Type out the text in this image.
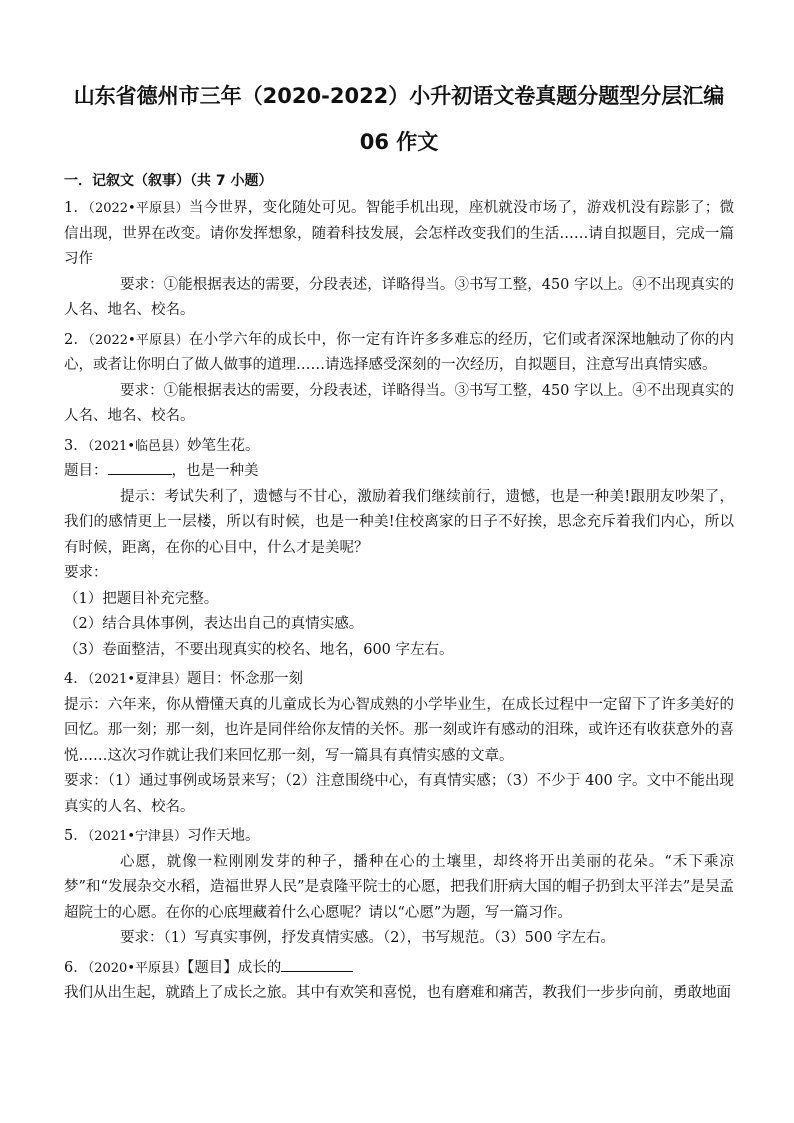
山东省德州市三年（2020-2022）小升初语文卷真题分题型分层汇编
06 作文
一．记叙文（叙事）（共 7 小题）

1．（2022•平原县）当今世界，变化随处可见。智能手机出现，座机就没市场了，游戏机没有踪影了；微信出现，世界在改变。请你发挥想象，随着科技发展，会怎样改变我们的生活……请自拟题目，完成一篇习作

要求：①能根据表达的需要，分段表述，详略得当。③书写工整，450 字以上。④不出现真实的人名、地名、校名。

2．（2022•平原县）在小学六年的成长中，你一定有许许多多难忘的经历，它们或者深深地触动了你的内心，或者让你明白了做人做事的道理……请选择感受深刻的一次经历，自拟题目，注意写出真情实感。

要求：①能根据表达的需要，分段表述，详略得当。③书写工整，450 字以上。④不出现真实的人名、地名、校名。

3．（2021•临邑县）妙笔生花。

题目：	，也是一种美

提示：考试失利了，遗憾与不甘心，激励着我们继续前行，遗憾，也是一种美!跟朋友吵架了，我们的感情更上一层楼，所以有时候，也是一种美!住校离家的日子不好挨，思念充斥着我们内心，所以有时候，距离，在你的心目中，什么才是美呢？

要求：

（1）把题目补充完整。

（2）结合具体事例，表达出自己的真情实感。

（3）卷面整洁，不要出现真实的校名、地名，600 字左右。

4．（2021•夏津县）题目：怀念那一刻

提示：六年来，你从懵懂天真的儿童成长为心智成熟的小学毕业生，在成长过程中一定留下了许多美好的回忆。那一刻；那一刻，也许是同伴给你友情的关怀。那一刻或许有感动的泪珠，或许还有收获意外的喜悦……这次习作就让我们来回忆那一刻，写一篇具有真情实感的文章。

要求：（1）通过事例或场景来写；（2）注意围绕中心，有真情实感；（3）不少于 400 字。文中不能出现真实的人名、校名。

5．（2021•宁津县）习作天地。

心愿，就像一粒刚刚发芽的种子，播种在心的土壤里，却终将开出美丽的花朵。“禾下乘凉梦”和“发展杂交水稻，造福世界人民”是袁隆平院士的心愿，把我们肝病大国的帽子扔到太平洋去”是吴孟超院士的心愿。在你的心底埋藏着什么心愿呢？请以“心愿”为题，写一篇习作。

要求：（1）写真实事例，抒发真情实感。（2），书写规范。（3）500 字左右。

6．（2020•平原县）【题目】成长的

我们从出生起，就踏上了成长之旅。其中有欢笑和喜悦，也有磨难和痛苦，教我们一步步向前，勇敢地面
